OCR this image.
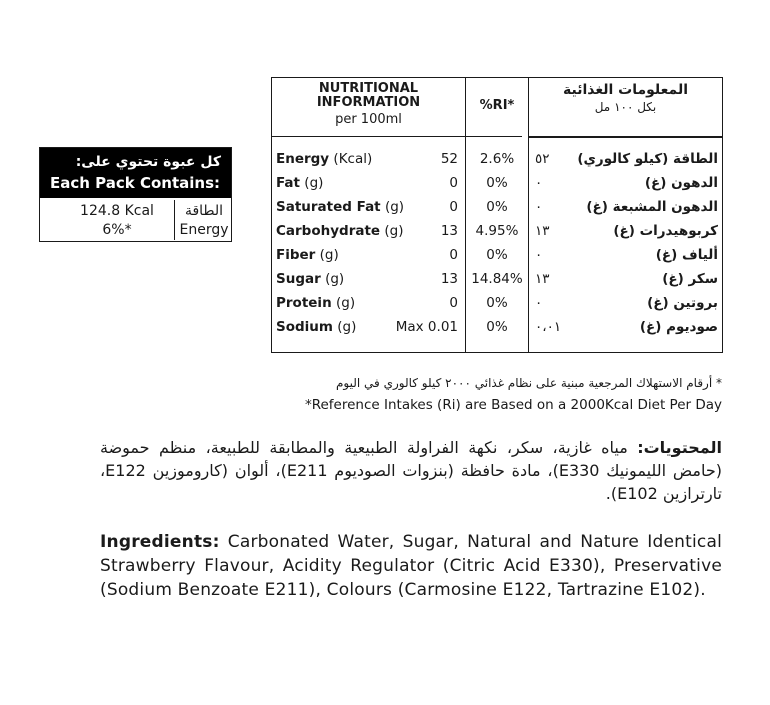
كل عبوة تحتوي على:
Each Pack Contains:
124.8 Kcal
6%*
الطاقة
Energy
NUTRITIONAL INFORMATION
per 100ml
%RI*
المعلومات الغذائية
بكل ١٠٠ مل
Energy (Kcal)	52	2.6%	٥٢	الطاقة (كيلو كالوري)
Fat (g)	0	0%	٠	الدهون (غ)
Saturated Fat (g)	0	0%	٠	الدهون المشبعة (غ)
Carbohydrate (g)	13	4.95%	١٣	كربوهيدرات (غ)
Fiber (g)	0	0%	٠	ألياف (غ)
Sugar (g)	13 14.84% ١٣	سكر (غ)
Protein (g)	0	0%	٠	بروتين (غ)
Sodium (g)	Max 0.01	0%	٠،٠١	صوديوم (غ)
* أرقام الاستهلاك المرجعية مبنية على نظام غذائي ٢٠٠٠ كيلو كالوري في اليوم
*Reference Intakes (Ri) are Based on a 2000Kcal Diet Per Day
المحتويات: مياه غازية، سكر، نكهة الفراولة الطبيعية والمطابقة للطبيعة، منظم حموضة (حامض الليمونيك E330)، مادة حافظة (بنزوات الصوديوم E211)، ألوان (كاروموزين E122، تارترازين E102).
Ingredients: Carbonated Water, Sugar, Natural and Nature Identical Strawberry Flavour, Acidity Regulator (Citric Acid E330), Preservative (Sodium Benzoate E211), Colours (Carmosine E122, Tartrazine E102).
